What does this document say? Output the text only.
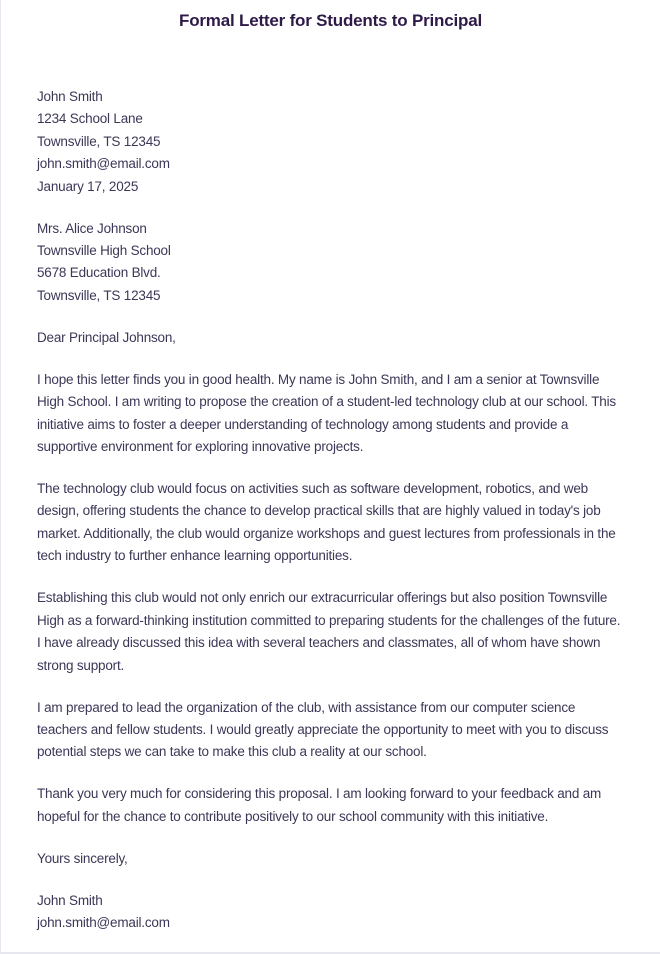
Formal Letter for Students to Principal
John Smith
1234 School Lane
Townsville, TS 12345
john.smith@email.com
January 17, 2025
Mrs. Alice Johnson
Townsville High School
5678 Education Blvd.
Townsville, TS 12345
Dear Principal Johnson,

I hope this letter finds you in good health. My name is John Smith, and I am a senior at Townsville High School. I am writing to propose the creation of a student-led technology club at our school. This initiative aims to foster a deeper understanding of technology among students and provide a supportive environment for exploring innovative projects.

The technology club would focus on activities such as software development, robotics, and web design, offering students the chance to develop practical skills that are highly valued in today's job market. Additionally, the club would organize workshops and guest lectures from professionals in the tech industry to further enhance learning opportunities.

Establishing this club would not only enrich our extracurricular offerings but also position Townsville High as a forward-thinking institution committed to preparing students for the challenges of the future. I have already discussed this idea with several teachers and classmates, all of whom have shown strong support.

I am prepared to lead the organization of the club, with assistance from our computer science teachers and fellow students. I would greatly appreciate the opportunity to meet with you to discuss potential steps we can take to make this club a reality at our school.

Thank you very much for considering this proposal. I am looking forward to your feedback and am hopeful for the chance to contribute positively to our school community with this initiative.

Yours sincerely,
John Smith
john.smith@email.com
